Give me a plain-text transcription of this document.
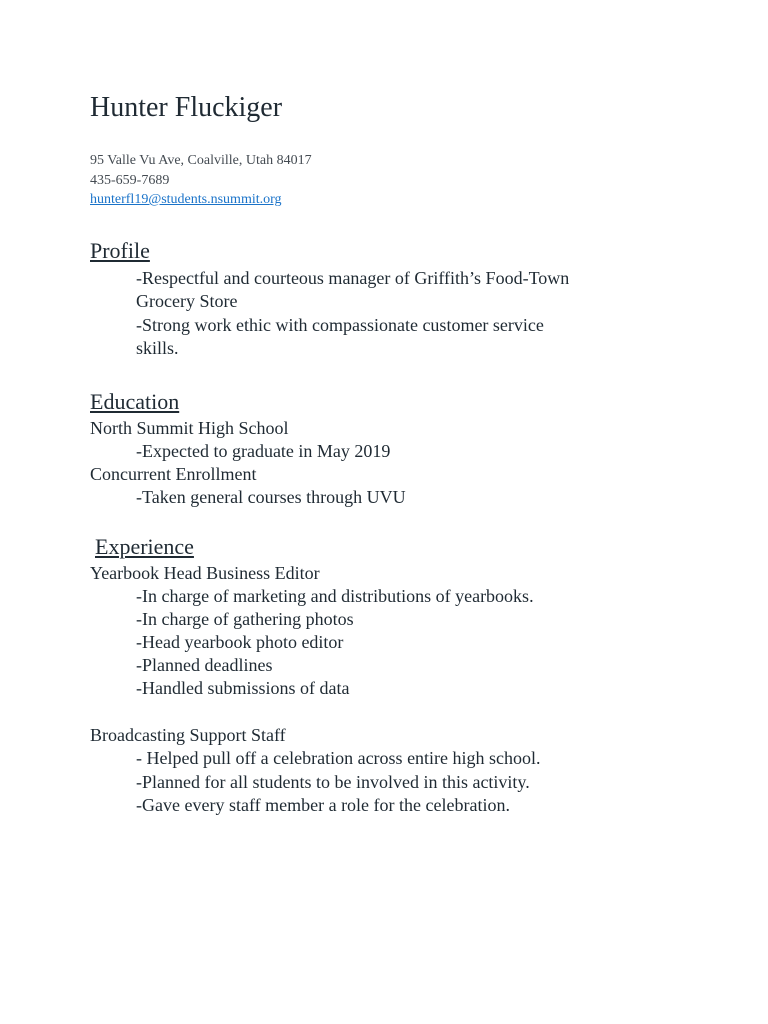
Hunter Fluckiger
95 Valle Vu Ave, Coalville, Utah 84017
435-659-7689
hunterfl19@students.nsummit.org
Profile
-Respectful and courteous manager of Griffith’s Food-Town
Grocery Store
-Strong work ethic with compassionate customer service
skills.
Education
North Summit High School
-Expected to graduate in May 2019
Concurrent Enrollment
-Taken general courses through UVU
Experience
Yearbook Head Business Editor
-In charge of marketing and distributions of yearbooks.
-In charge of gathering photos
-Head yearbook photo editor
-Planned deadlines
-Handled submissions of data
Broadcasting Support Staff
- Helped pull off a celebration across entire high school.
-Planned for all students to be involved in this activity.
-Gave every staff member a role for the celebration.
